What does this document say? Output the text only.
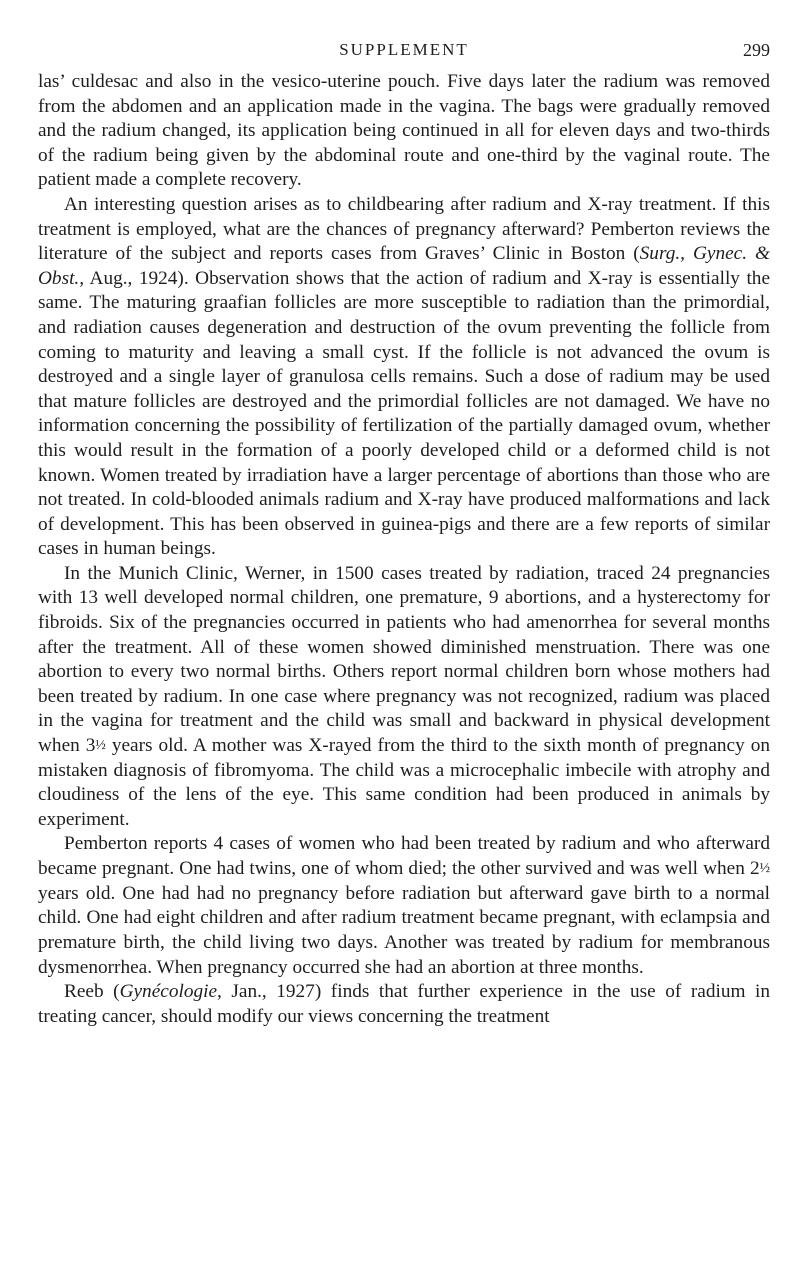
SUPPLEMENT	299

las’ culdesac and also in the vesico-uterine pouch. Five days later the radium was removed from the abdomen and an application made in the vagina. The bags were gradually removed and the radium changed, its application being continued in all for eleven days and two-thirds of the radium being given by the abdominal route and one-third by the vaginal route. The patient made a complete recovery.

An interesting question arises as to childbearing after radium and X-ray treatment. If this treatment is employed, what are the chances of pregnancy afterward? Pemberton reviews the literature of the subject and reports cases from Graves’ Clinic in Boston (Surg., Gynec. & Obst., Aug., 1924). Observation shows that the action of radium and X-ray is essentially the same. The maturing graafian follicles are more susceptible to radiation than the primordial, and radiation causes degeneration and destruction of the ovum preventing the follicle from coming to maturity and leaving a small cyst. If the follicle is not advanced the ovum is destroyed and a single layer of granulosa cells remains. Such a dose of radium may be used that mature follicles are destroyed and the primordial follicles are not damaged. We have no information concerning the possibility of fertilization of the partially damaged ovum, whether this would result in the formation of a poorly developed child or a deformed child is not known. Women treated by irradiation have a larger percentage of abortions than those who are not treated. In cold-blooded animals radium and X-ray have produced malformations and lack of development. This has been observed in guinea-pigs and there are a few reports of similar cases in human beings.

In the Munich Clinic, Werner, in 1500 cases treated by radiation, traced 24 pregnancies with 13 well developed normal children, one premature, 9 abortions, and a hysterectomy for fibroids. Six of the pregnancies occurred in patients who had amenorrhea for several months after the treatment. All of these women showed diminished menstruation. There was one abortion to every two normal births. Others report normal children born whose mothers had been treated by radium. In one case where pregnancy was not recognized, radium was placed in the vagina for treatment and the child was small and backward in physical development when 3½ years old. A mother was X-rayed from the third to the sixth month of pregnancy on mistaken diagnosis of fibromyoma. The child was a microcephalic imbecile with atrophy and cloudiness of the lens of the eye. This same condition had been produced in animals by experiment.

Pemberton reports 4 cases of women who had been treated by radium and who afterward became pregnant. One had twins, one of whom died; the other survived and was well when 2½ years old. One had had no pregnancy before radiation but afterward gave birth to a normal child. One had eight children and after radium treatment became pregnant, with eclampsia and premature birth, the child living two days. Another was treated by radium for membranous dysmenorrhea. When pregnancy occurred she had an abortion at three months.

Reeb (Gynécologie, Jan., 1927) finds that further experience in the use of radium in treating cancer, should modify our views concerning the treatment
